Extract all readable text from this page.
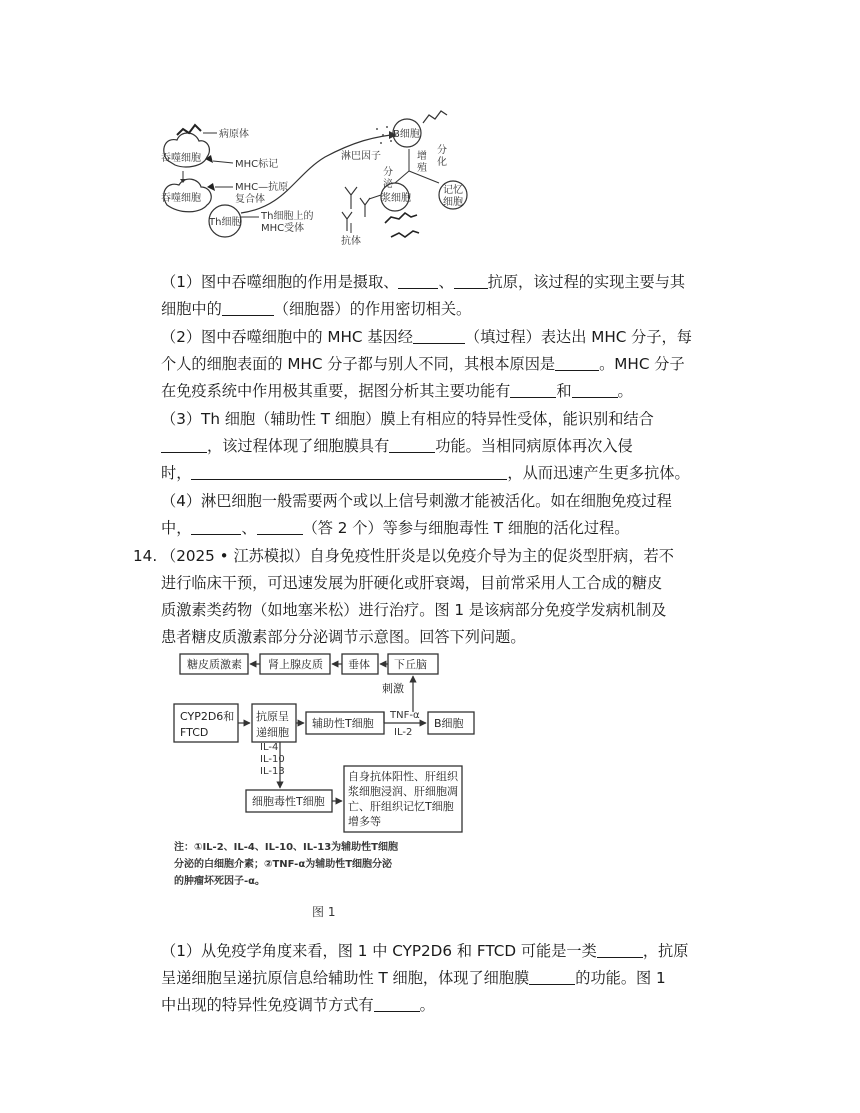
病原体
吞噬细胞
MHC标记
MHC—抗原
复合体
吞噬细胞
Th细胞
Th细胞上的
MHC受体
淋巴因子
B细胞
增
殖
分
化
浆细胞
记忆
细胞
分
泌
抗体

（1）图中吞噬细胞的作用是摄取、	、 抗原，该过程的实现主要与其
细胞中的	（细胞器）的作用密切相关。

（2）图中吞噬细胞中的 MHC 基因经	（填过程）表达出 MHC 分子，每
个人的细胞表面的 MHC 分子都与别人不同，其根本原因是	。MHC 分子
在免疫系统中作用极其重要，据图分析其主要功能有	和	。

（3）Th 细胞（辅助性 T 细胞）膜上有相应的特异性受体，能识别和结合
，该过程体现了细胞膜具有	功能。当相同病原体再次入侵
时，	，从而迅速产生更多抗体。

（4）淋巴细胞一般需要两个或以上信号刺激才能被活化。如在细胞免疫过程
中，	、	（答 2 个）等参与细胞毒性 T 细胞的活化过程。

14. （2025 • 江苏模拟）自身免疫性肝炎是以免疫介导为主的促炎型肝病，若不
进行临床干预，可迅速发展为肝硬化或肝衰竭，目前常采用人工合成的糖皮
质激素类药物（如地塞米松）进行治疗。图 1 是该病部分免疫学发病机制及
患者糖皮质激素部分分泌调节示意图。回答下列问题。
糖皮质激素 肾上腺皮质 垂体 下丘脑
刺激
CYP2D6和
FTCD
抗原呈
递细胞
辅助性T细胞	B细胞
TNF-α
IL-2
IL-4
IL-10
IL-13
细胞毒性T细胞
自身抗体阳性、肝组织
浆细胞浸润、肝细胞凋
亡、肝组织记忆T细胞
增多等
注：①IL-2、IL-4、IL-10、IL-13为辅助性T细胞
分泌的白细胞介素；②TNF-α为辅助性T细胞分泌
的肿瘤坏死因子-α。
图 1

（1）从免疫学角度来看，图 1 中 CYP2D6 和 FTCD 可能是一类	，抗原
呈递细胞呈递抗原信息给辅助性 T 细胞，体现了细胞膜	的功能。图 1
中出现的特异性免疫调节方式有	。
